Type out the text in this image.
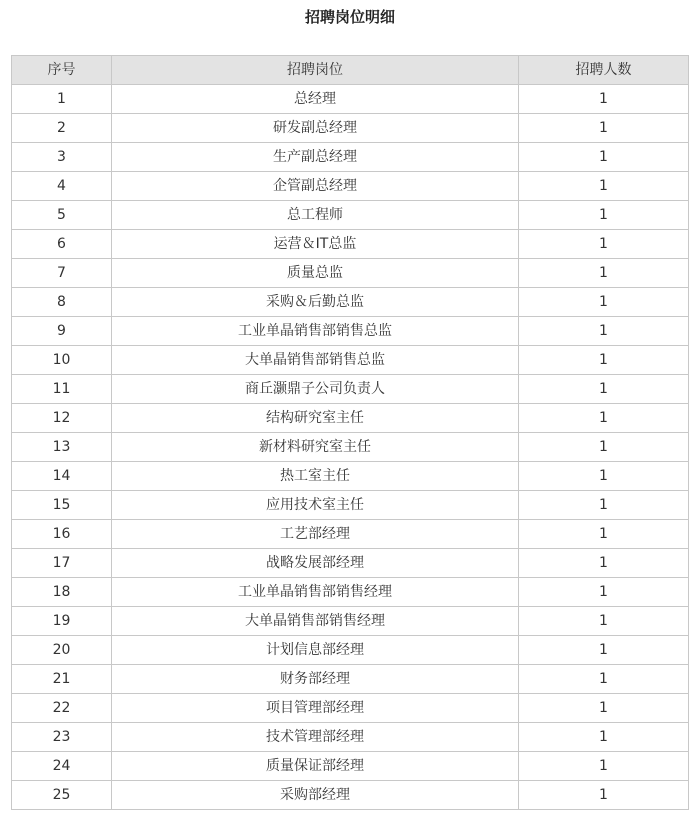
招聘岗位明细
序号	招聘岗位	招聘人数
1	总经理	1
2	研发副总经理	1
3	生产副总经理	1
4	企管副总经理	1
5	总工程师	1
6	运营＆IT总监	1
7	质量总监	1
8	采购＆后勤总监	1
9	工业单晶销售部销售总监	1
10	大单晶销售部销售总监	1
11	商丘灏鼎子公司负责人	1
12	结构研究室主任	1
13	新材料研究室主任	1
14	热工室主任	1
15	应用技术室主任	1
16	工艺部经理	1
17	战略发展部经理	1
18	工业单晶销售部销售经理	1
19	大单晶销售部销售经理	1
20	计划信息部经理	1
21	财务部经理	1
22	项目管理部经理	1
23	技术管理部经理	1
24	质量保证部经理	1
25	采购部经理	1
